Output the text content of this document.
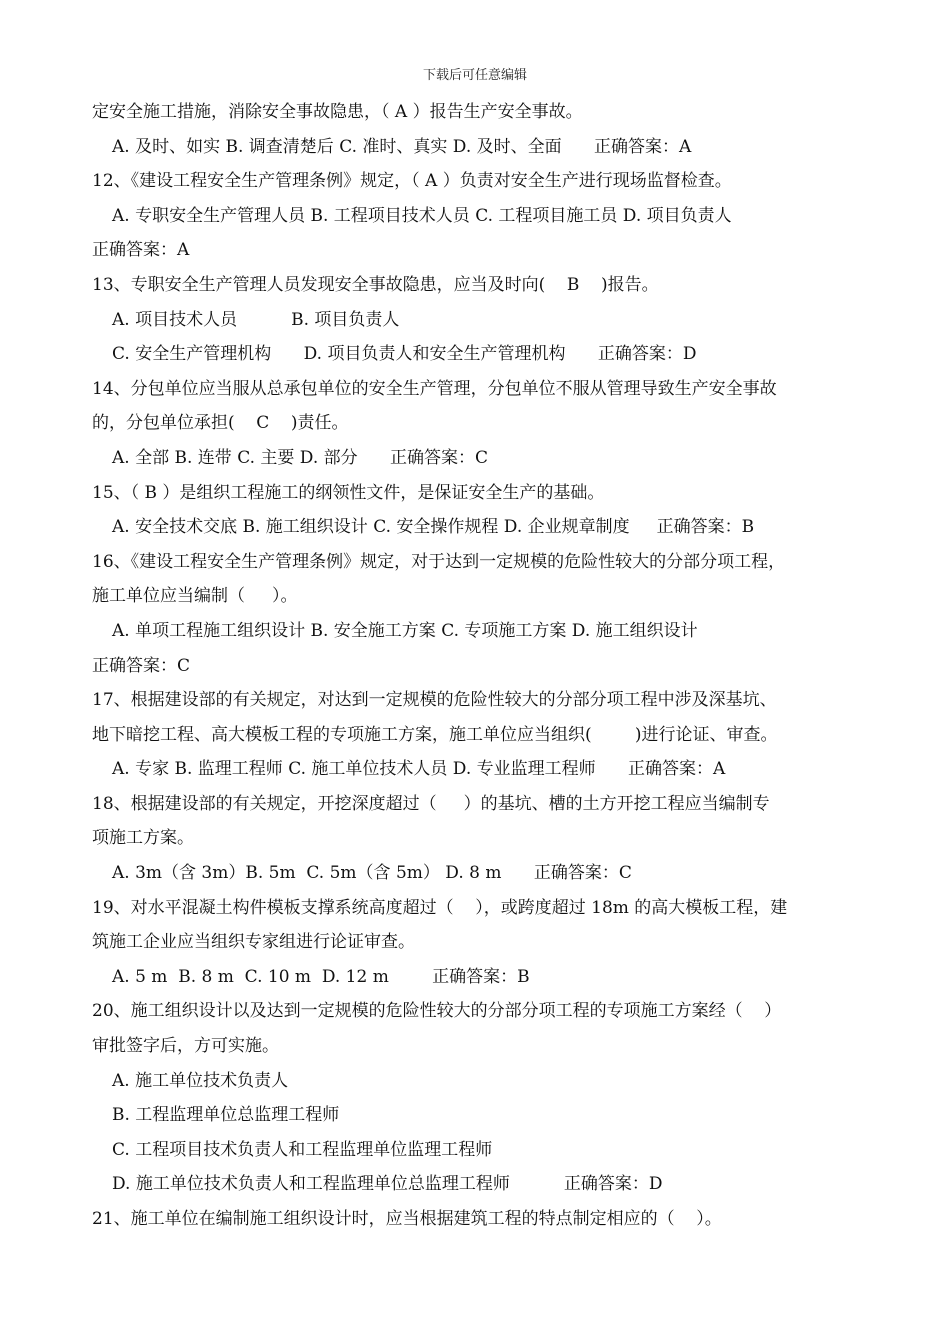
下载后可任意编辑
定安全施工措施，消除安全事故隐患，（ A ）报告生产安全事故。
A. 及时、如实 B. 调查清楚后 C. 准时、真实 D. 及时、全面      正确答案：A
12、《建设工程安全生产管理条例》规定，（ A ）负责对安全生产进行现场监督检查。
A. 专职安全生产管理人员 B. 工程项目技术人员 C. 工程项目施工员 D. 项目负责人
正确答案：A
13、专职安全生产管理人员发现安全事故隐患，应当及时向(    B    )报告。
A. 项目技术人员          B. 项目负责人
C. 安全生产管理机构      D. 项目负责人和安全生产管理机构      正确答案：D
14、分包单位应当服从总承包单位的安全生产管理，分包单位不服从管理导致生产安全事故
的，分包单位承担(    C    )责任。
A. 全部 B. 连带 C. 主要 D. 部分      正确答案：C
15、（ B ）是组织工程施工的纲领性文件，是保证安全生产的基础。
A. 安全技术交底 B. 施工组织设计 C. 安全操作规程 D. 企业规章制度     正确答案：B
16、《建设工程安全生产管理条例》规定，对于达到一定规模的危险性较大的分部分项工程，
施工单位应当编制（     ）。
A. 单项工程施工组织设计 B. 安全施工方案 C. 专项施工方案 D. 施工组织设计
正确答案：C
17、根据建设部的有关规定，对达到一定规模的危险性较大的分部分项工程中涉及深基坑、
地下暗挖工程、高大模板工程的专项施工方案，施工单位应当组织(        )进行论证、审查。
A. 专家 B. 监理工程师 C. 施工单位技术人员 D. 专业监理工程师      正确答案：A
18、根据建设部的有关规定，开挖深度超过（     ）的基坑、槽的土方开挖工程应当编制专
项施工方案。
A. 3m（含 3m）B. 5m  C. 5m（含 5m） D. 8 m      正确答案：C
19、对水平混凝土构件模板支撑系统高度超过（    ），或跨度超过 18m 的高大模板工程，建
筑施工企业应当组织专家组进行论证审查。
A. 5 m  B. 8 m  C. 10 m  D. 12 m        正确答案：B
20、施工组织设计以及达到一定规模的危险性较大的分部分项工程的专项施工方案经（    ）
审批签字后，方可实施。
A. 施工单位技术负责人
B. 工程监理单位总监理工程师
C. 工程项目技术负责人和工程监理单位监理工程师
D. 施工单位技术负责人和工程监理单位总监理工程师          正确答案：D
21、施工单位在编制施工组织设计时，应当根据建筑工程的特点制定相应的（    ）。
